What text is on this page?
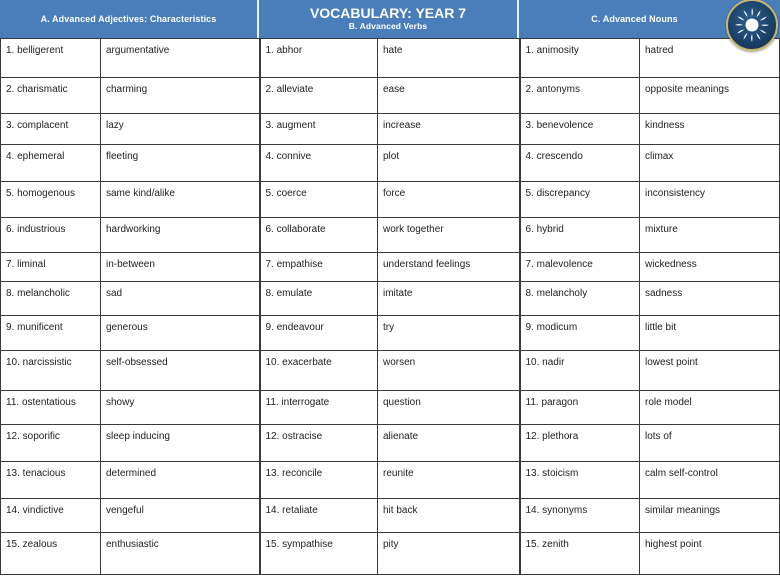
A. Advanced Adjectives: Characteristics	VOCABULARY: YEAR 7
B. Advanced Verbs
C. Advanced Nouns
1. belligerent	argumentative	1. abhor	hate	1. animosity	hatred
2. charismatic	charming	2. alleviate	ease	2. antonyms	opposite meanings
3. complacent	lazy	3. augment	increase	3. benevolence	kindness
4. ephemeral	fleeting	4. connive	plot	4. crescendo	climax
5. homogenous	same kind/alike	5. coerce	force	5. discrepancy	inconsistency
6. industrious	hardworking	6. collaborate	work together	6. hybrid	mixture
7. liminal	in-between	7. empathise	understand feelings	7. malevolence	wickedness
8. melancholic	sad	8. emulate	imitate	8. melancholy	sadness
9. munificent	generous	9. endeavour	try	9. modicum	little bit
10. narcissistic	self-obsessed	10. exacerbate	worsen	10. nadir	lowest point
11. ostentatious	showy	11. interrogate	question	11. paragon	role model
12. soporific	sleep inducing	12. ostracise	alienate	12. plethora	lots of
13. tenacious	determined	13. reconcile	reunite	13. stoicism	calm self-control
14. vindictive	vengeful	14. retaliate	hit back	14. synonyms	similar meanings
15. zealous	enthusiastic	15. sympathise	pity	15. zenith	highest point
